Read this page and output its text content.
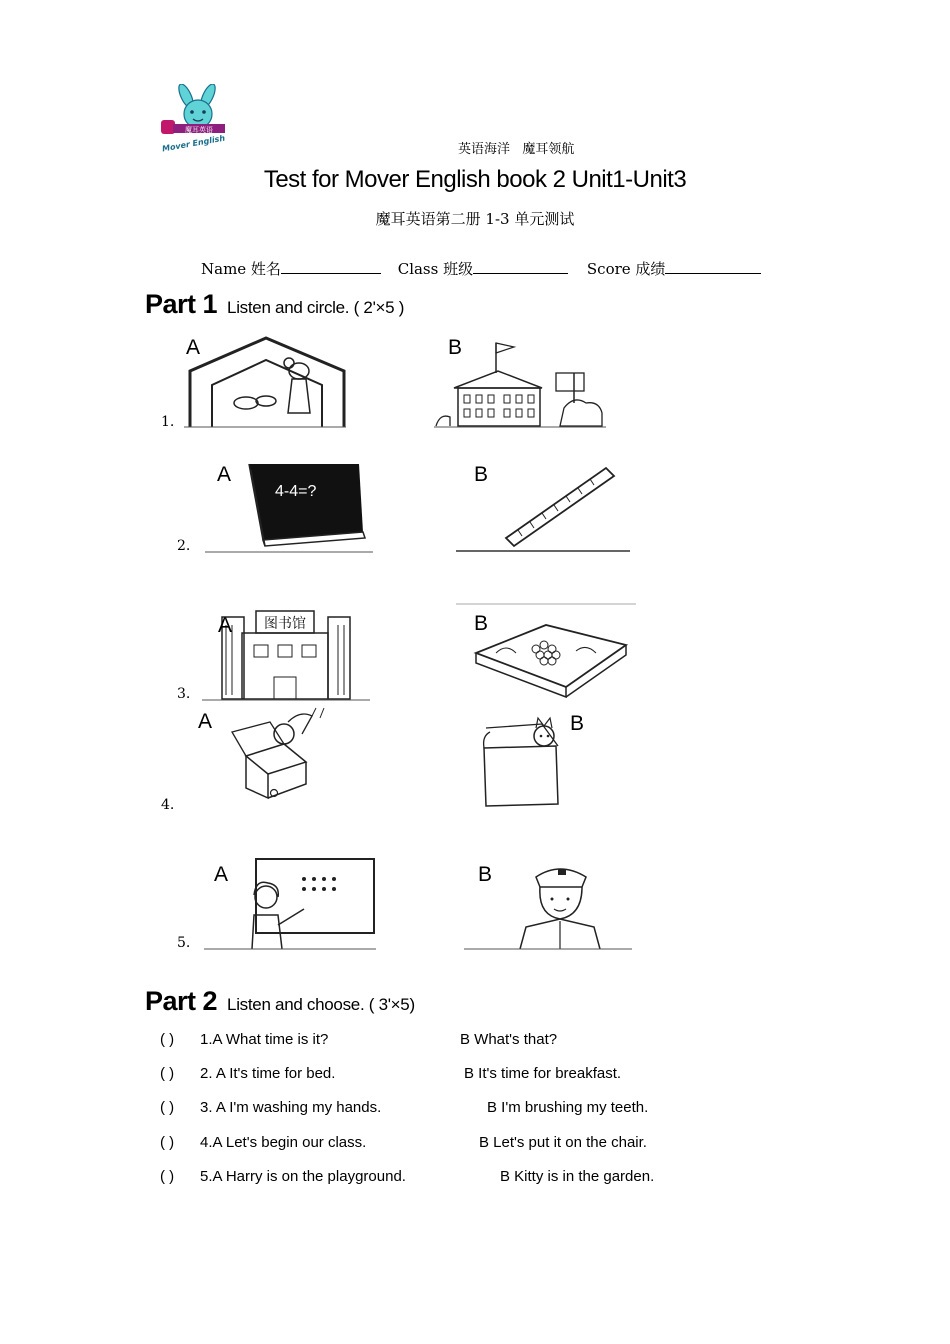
魔耳英语
Mover English	英语海洋   魔耳领航
Test for Mover English book 2 Unit1-Unit3
魔耳英语第二册 1-3 单元测试
Name 姓名	Class 班级	Score 成绩
Part 1 Listen and circle. ( 2'×5 )
1.
A	B
2.
4-4=?
A	B
3.
图书馆
A	B
4.
A	B
5.
A	B
Part 2 Listen and choose. ( 3'×5)
( ) 1.A What time is it?	B What's that?
( ) 2. A It's time for bed.	B It's time for breakfast.
( ) 3. A I'm washing my hands.	B I'm brushing my teeth.
( ) 4.A Let's begin our class.	B Let's put it on the chair.
( ) 5.A Harry is on the playground.	B Kitty is in the garden.
